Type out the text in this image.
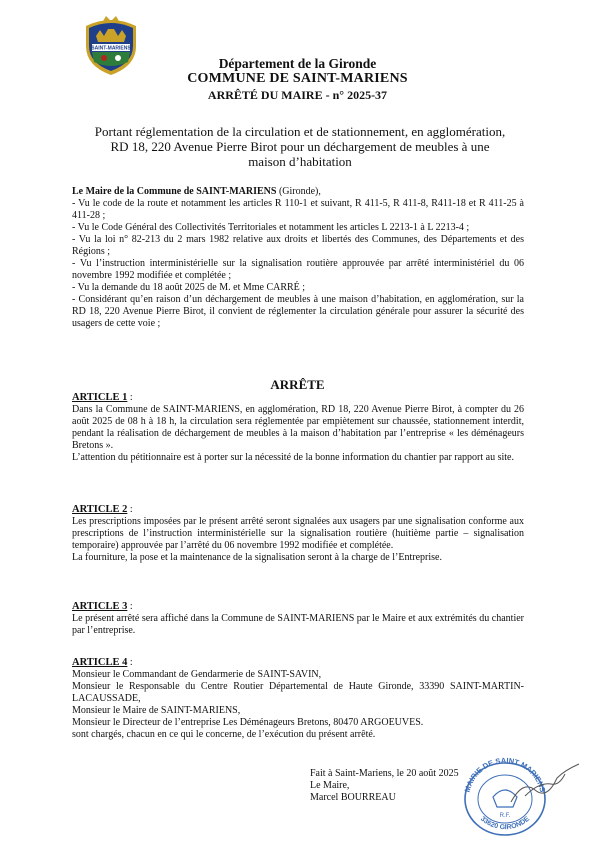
SAINT-MARIENS
Département de la Gironde
COMMUNE DE SAINT-MARIENS
ARRÊTÉ DU MAIRE - n° 2025-37
Portant réglementation de la circulation et de stationnement, en agglomération,
RD 18, 220 Avenue Pierre Birot pour un déchargement de meubles à une
maison d’habitation

Le Maire de la Commune de SAINT-MARIENS (Gironde),

- Vu le code de la route et notamment les articles R 110-1 et suivant, R 411-5, R 411-8, R411-18 et R 411-25 à 411-28 ;

- Vu le Code Général des Collectivités Territoriales et notamment les articles L 2213-1 à L 2213-4 ;

- Vu la loi n° 82-213 du 2 mars 1982 relative aux droits et libertés des Communes, des Départements et des Régions ;

- Vu l’instruction interministérielle sur la signalisation routière approuvée par arrêté interministériel du 06 novembre 1992 modifiée et complétée ;

- Vu la demande du 18 août 2025 de M. et Mme CARRÉ ;

- Considérant qu’en raison d’un déchargement de meubles à une maison d’habitation, en agglomération, sur la RD 18, 220 Avenue Pierre Birot, il convient de réglementer la circulation générale pour assurer la sécurité des usagers de cette voie ;

ARRÊTE
ARTICLE 1 :
Dans la Commune de SAINT-MARIENS, en agglomération, RD 18, 220 Avenue Pierre Birot, à compter du 26 août 2025 de 08 h à 18 h, la circulation sera réglementée par empiètement sur chaussée, stationnement interdit, pendant la réalisation de déchargement de meubles à la maison d’habitation par l’entreprise « les déménageurs Bretons ».
L’attention du pétitionnaire est à porter sur la nécessité de la bonne information du chantier par rapport au site.
ARTICLE 2 :
Les prescriptions imposées par le présent arrêté seront signalées aux usagers par une signalisation conforme aux prescriptions de l’instruction interministérielle sur la signalisation routière (huitième partie – signalisation temporaire) approuvée par l’arrêté du 06 novembre 1992 modifiée et complétée.
La fourniture, la pose et la maintenance de la signalisation seront à la charge de l’Entreprise.
ARTICLE 3 :
Le présent arrêté sera affiché dans la Commune de SAINT-MARIENS par le Maire et aux extrémités du chantier par l’entreprise.
ARTICLE 4 :
Monsieur le Commandant de Gendarmerie de SAINT-SAVIN,
Monsieur le Responsable du Centre Routier Départemental de Haute Gironde, 33390 SAINT-MARTIN-LACAUSSADE,
Monsieur le Maire de SAINT-MARIENS,
Monsieur le Directeur de l’entreprise Les Déménageurs Bretons, 80470 ARGOEUVES.
sont chargés, chacun en ce qui le concerne, de l’exécution du présent arrêté.
MAIRIE DE SAINT MARIENS
33620 GIRONDE
R.F.
Fait à Saint-Mariens, le 20 août 2025
Le Maire,
Marcel BOURREAU
